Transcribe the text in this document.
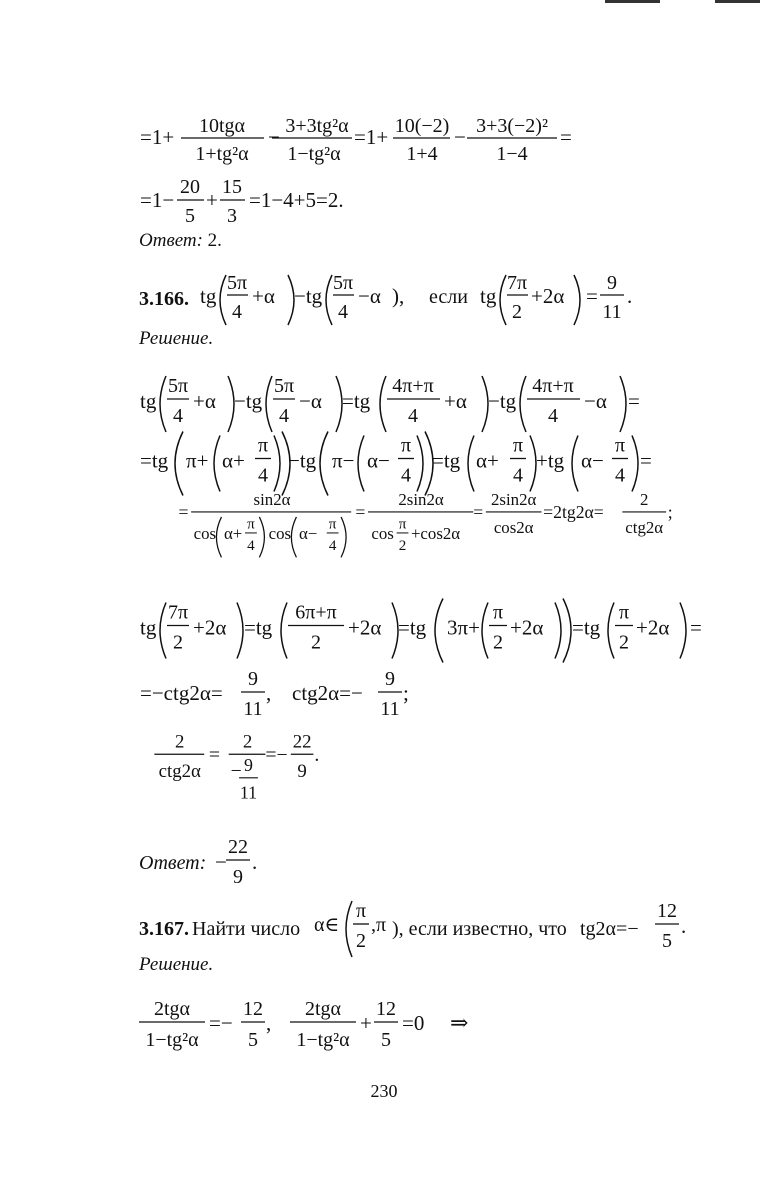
=1+ 10tgα
1+tg²α
− 3+3tg²α
1−tg²α
=1+ 10(−2)
1+4
− 3+3(−2)²
1−4
=
=1−
20
5
+
15
3
=1−4+5=2.
Ответ: 2.
3.166. tg
5π
4
+α −tg
5π
4
−α ), если tg
7π
2
+2α =
9
11
.
Решение.
tg
5π
4
+α −tg
5π
4
−α =tg
4π+π
4
+α −tg
4π+π
4
−α =
=tg π+ α+
π
4
−tg π− α−
π
4
=tg α+
π
4
+tg α−
π
4
=
=
sin2α
cos α+ π
4
cos α− π
4
=
2sin2α
cos π
2
+cos2α
=
2sin2α
cos2α
=2tg2α=
2
ctg2α
;
tg
7π
2
+2α =tg
6π+π
2
+2α =tg 3π+
π
2
+2α =tg
π
2
+2α =
=−ctg2α=
9
11
, ctg2α=−
9
11
;
2
ctg2α
=
2
− 9
11
=−
22
9
.
Ответ: −
22
9
.
3.167. Найти число α∈
π
2
,π ), если известно, что tg2α=−
12
5
.
Решение.
2tgα
1−tg²α
=−
12
5
,
2tgα
1−tg²α
+
12
5
=0 ⇒
230
